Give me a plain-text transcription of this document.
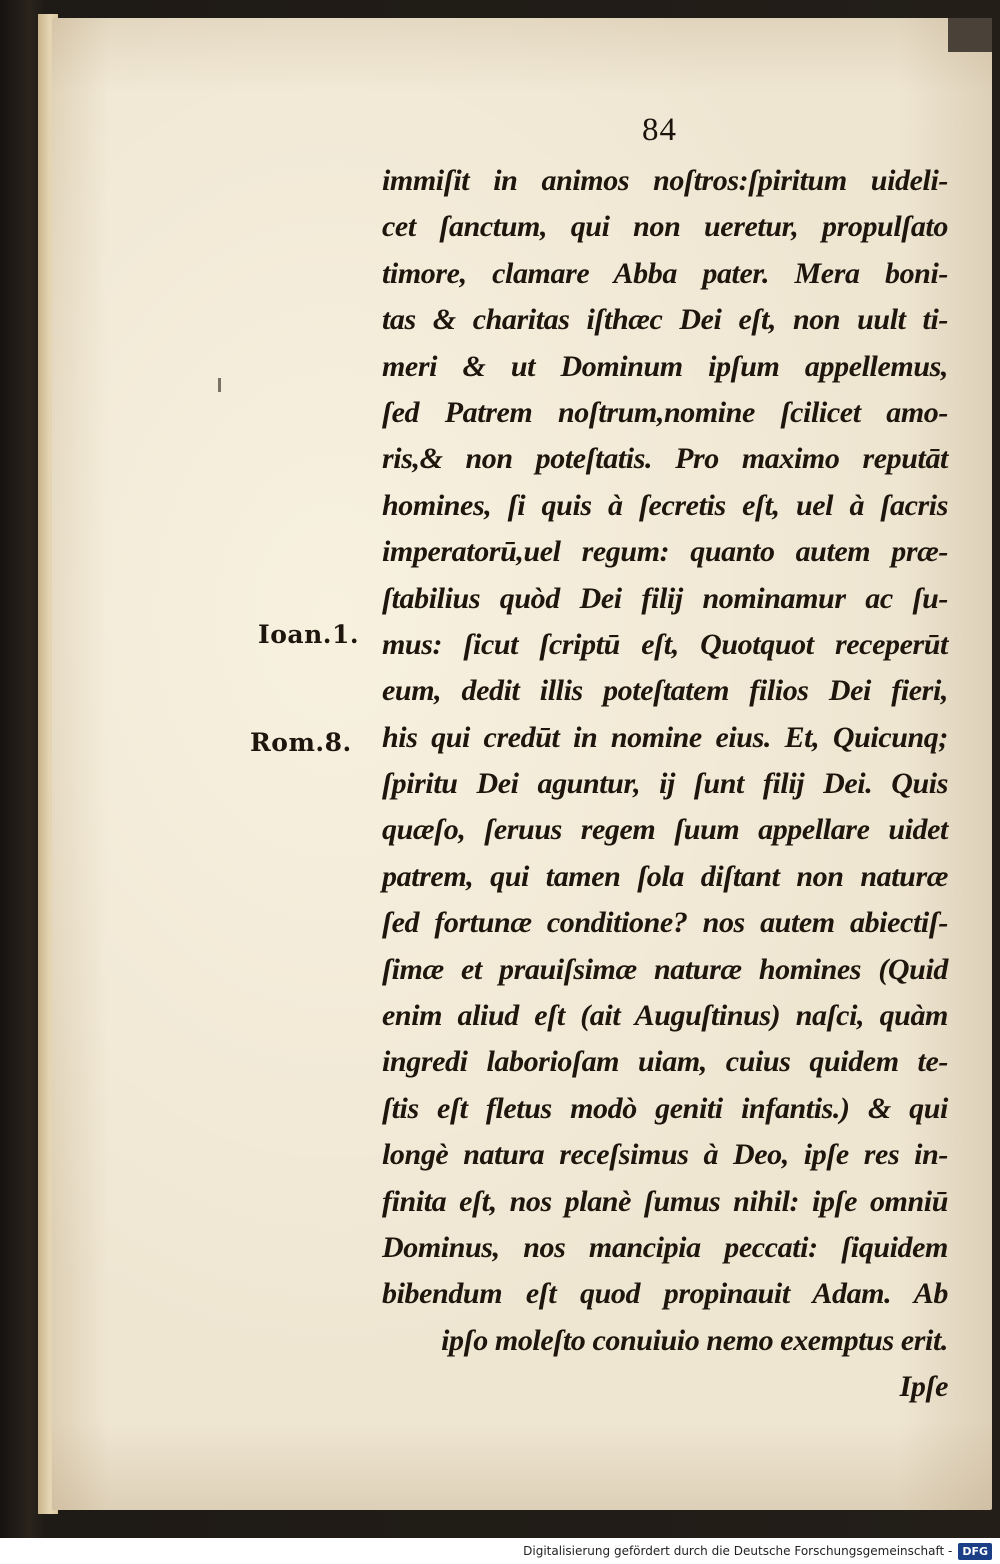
84
immiſit in animos noſtros:ſpiritum uideli-
cet ſanctum, qui non ueretur, propulſato
timore, clamare Abba pater. Mera boni-
tas & charitas iſthæc Dei eſt, non uult ti-
meri & ut Dominum ipſum appellemus,
ſed Patrem noſtrum,nomine ſcilicet amo-
ris,& non poteſtatis. Pro maximo reputāt
homines, ſi quis à ſecretis eſt, uel à ſacris
imperatorū,uel regum: quanto autem præ-
ſtabilius quòd Dei filij nominamur ac ſu-
mus: ſicut ſcriptū eſt, Quotquot receperūt
eum, dedit illis poteſtatem filios Dei fieri,
his qui credūt in nomine eius. Et, Quicunq;
ſpiritu Dei aguntur, ij ſunt filij Dei. Quis
quæſo, ſeruus regem ſuum appellare uidet
patrem, qui tamen ſola diſtant non naturæ
ſed fortunæ conditione? nos autem abiectiſ-
ſimæ et prauiſsimæ naturæ homines (Quid
enim aliud eſt (ait Auguſtinus) naſci, quàm
ingredi laborioſam uiam, cuius quidem te-
ſtis eſt fletus modò geniti infantis.) & qui
longè natura receſsimus à Deo, ipſe res in-
finita eſt, nos planè ſumus nihil: ipſe omniū
Dominus, nos mancipia peccati: ſiquidem
bibendum eſt quod propinauit Adam. Ab
ipſo moleſto conuiuio nemo exemptus erit.
Ipſe
Ioan.1.
Rom.8.
Digitalisierung gefördert durch die Deutsche Forschungsgemeinschaft - DFG
